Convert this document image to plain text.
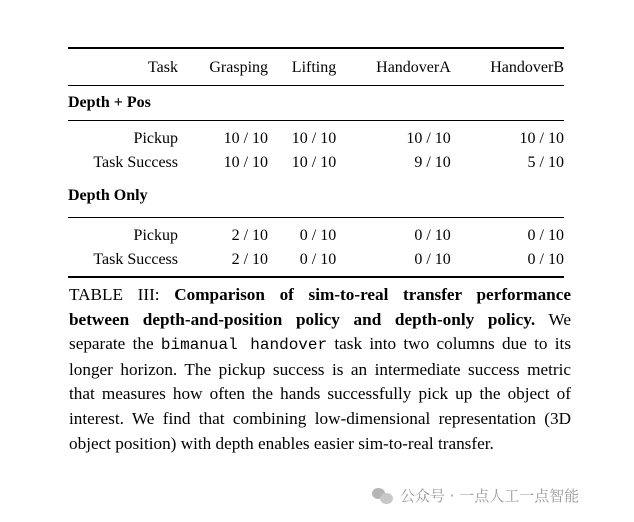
Task	Grasping	Lifting	HandoverA	HandoverB
Depth + Pos				
Pickup	10 / 10	10 / 10	10 / 10	10 / 10
Task Success	10 / 10	10 / 10	9 / 10	5 / 10
Depth Only				
Pickup	2 / 10	0 / 10	0 / 10	0 / 10
Task Success	2 / 10	0 / 10	0 / 10	0 / 10
TABLE III: Comparison of sim-to-real transfer performance between depth-and-position policy and depth-only policy. We separate the bimanual handover task into two columns due to its longer horizon. The pickup success is an intermediate success metric that measures how often the hands successfully pick up the object of interest. We find that combining low-dimensional representation (3D object position) with depth enables easier sim-to-real transfer.
公众号 · 一点人工一点智能
